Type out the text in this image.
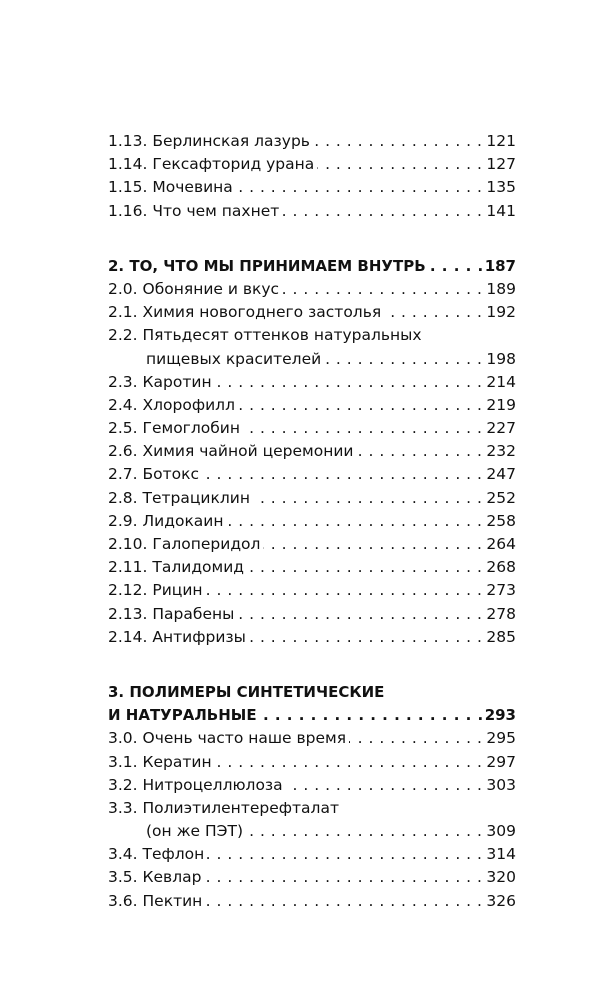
. . . 1.13. Берлинская лазурь	121
. . . 1.14. Гексафторид урана	127
. . . 1.15. Мочевина	135
. . . 1.16. Что чем пахнет	141
. . . 2. ТО, ЧТО МЫ ПРИНИМАЕМ ВНУТРЬ	187
. . . 2.0. Обоняние и вкус	189
. . . 2.1. Химия новогоднего застолья	192
2.2. Пятьдесят оттенков натуральных
. . . пищевых красителей	198
. . . 2.3. Каротин	214
. . . 2.4. Хлорофилл	219
. . . 2.5. Гемоглобин	227
. . . 2.6. Химия чайной церемонии	232
. . . 2.7. Ботокс	247
. . . 2.8. Тетрациклин	252
. . . 2.9. Лидокаин	258
. . . 2.10. Галоперидол	264
. . . 2.11. Талидомид	268
. . . 2.12. Рицин	273
. . . 2.13. Парабены	278
. . . 2.14. Антифризы	285
3. ПОЛИМЕРЫ СИНТЕТИЧЕСКИЕ
. . . И НАТУРАЛЬНЫЕ	293
. . . 3.0. Очень часто наше время	295
. . . 3.1. Кератин	297
. . . 3.2. Нитроцеллюлоза	303
3.3. Полиэтилентерефталат
. . . (он же ПЭТ)	309
. . . 3.4. Тефлон	314
. . . 3.5. Кевлар	320
. . . 3.6. Пектин	326
